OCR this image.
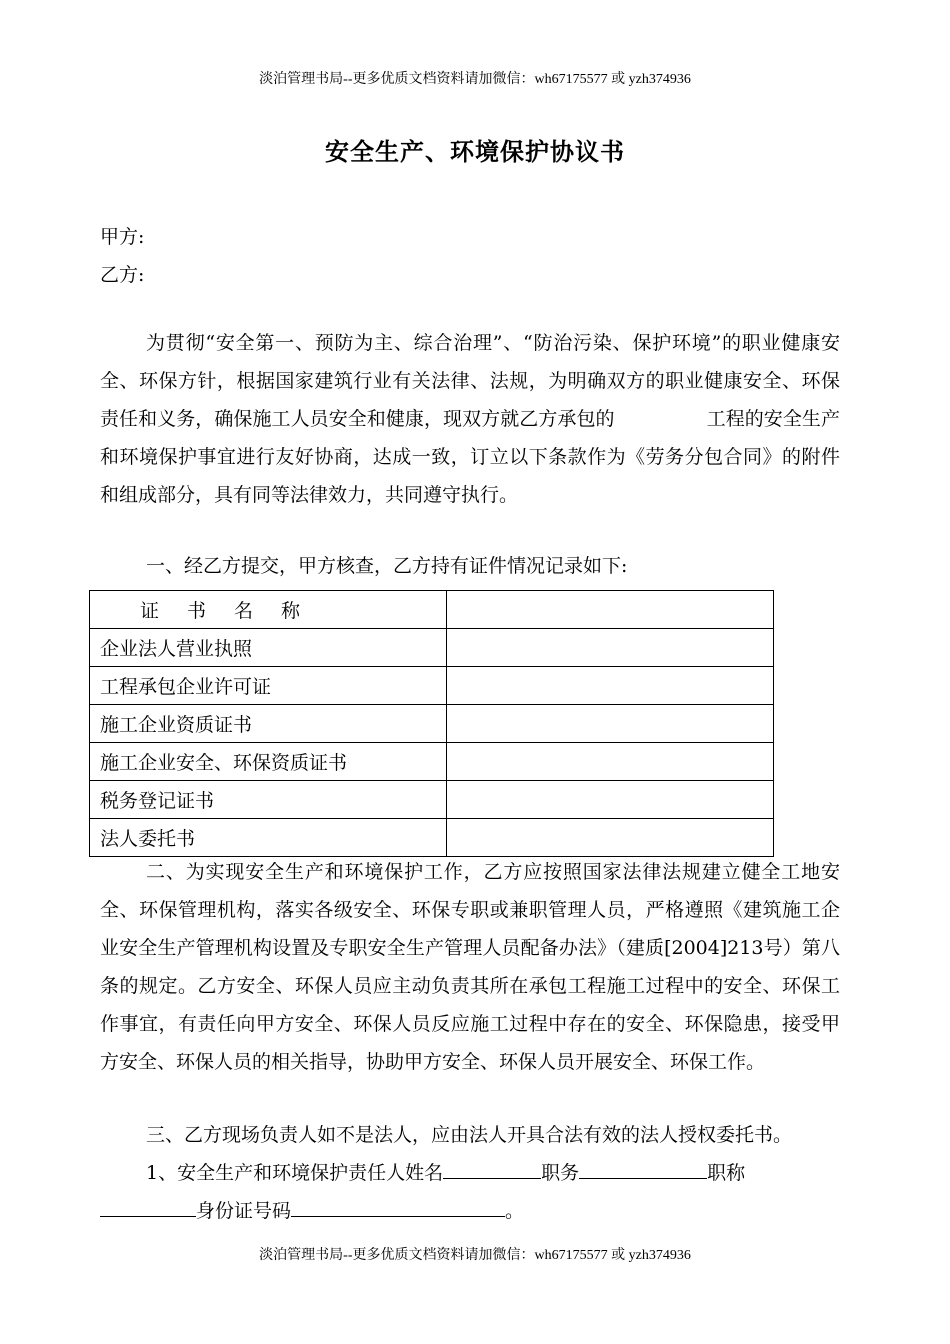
淡泊管理书局--更多优质文档资料请加微信：wh67175577 或 yzh374936
安全生产、环境保护协议书
甲方:
乙方:
为贯彻“安全第一、预防为主、综合治理”、“防治污染、保护环境”的职业健康安全、环保方针，根据国家建筑行业有关法律、法规，为明确双方的职业健康安全、环保责任和义务，确保施工人员安全和健康，现双方就乙方承包的	工程的安全生产和环境保护事宜进行友好协商，达成一致，订立以下条款作为《劳务分包合同》的附件和组成部分，具有同等法律效力，共同遵守执行。
一、经乙方提交，甲方核查，乙方持有证件情况记录如下:
证书名称	
企业法人营业执照	
工程承包企业许可证	
施工企业资质证书	
施工企业安全、环保资质证书	
税务登记证书	
法人委托书	
二、为实现安全生产和环境保护工作，乙方应按照国家法律法规建立健全工地安全、环保管理机构，落实各级安全、环保专职或兼职管理人员，严格遵照《建筑施工企业安全生产管理机构设置及专职安全生产管理人员配备办法》（建质[2004]213号）第八条的规定。乙方安全、环保人员应主动负责其所在承包工程施工过程中的安全、环保工作事宜，有责任向甲方安全、环保人员反应施工过程中存在的安全、环保隐患，接受甲方安全、环保人员的相关指导，协助甲方安全、环保人员开展安全、环保工作。
三、乙方现场负责人如不是法人，应由法人开具合法有效的法人授权委托书。
1、安全生产和环境保护责任人姓名	职务	职称
身份证号码	。
淡泊管理书局--更多优质文档资料请加微信：wh67175577 或 yzh374936
